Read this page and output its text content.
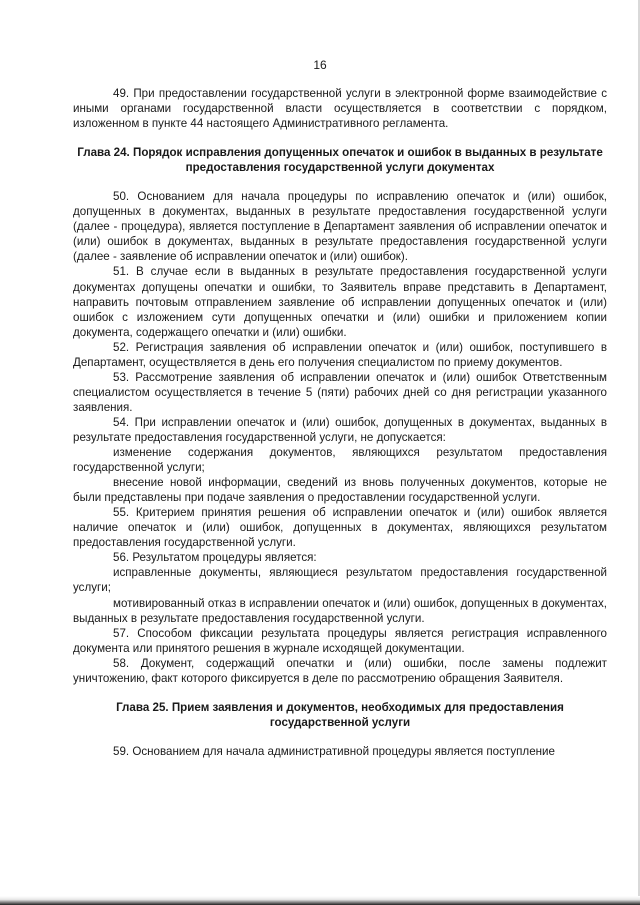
16

49. При предоставлении государственной услуги в электронной форме взаимодействие с иными органами государственной власти осуществляется в соответствии с порядком, изложенном в пункте 44 настоящего Административного регламента.

Глава 24. Порядок исправления допущенных опечаток и ошибок в выданных в результате предоставления государственной услуги документах

50. Основанием для начала процедуры по исправлению опечаток и (или) ошибок, допущенных в документах, выданных в результате предоставления государственной услуги (далее - процедура), является поступление в Департамент заявления об исправлении опечаток и (или) ошибок в документах, выданных в результате предоставления государственной услуги (далее - заявление об исправлении опечаток и (или) ошибок).

51. В случае если в выданных в результате предоставления государственной услуги документах допущены опечатки и ошибки, то Заявитель вправе представить в Департамент, направить почтовым отправлением заявление об исправлении допущенных опечаток и (или) ошибок с изложением сути допущенных опечатки и (или) ошибки и приложением копии документа, содержащего опечатки и (или) ошибки.

52. Регистрация заявления об исправлении опечаток и (или) ошибок, поступившего в Департамент, осуществляется в день его получения специалистом по приему документов.

53. Рассмотрение заявления об исправлении опечаток и (или) ошибок Ответственным специалистом осуществляется в течение 5 (пяти) рабочих дней со дня регистрации указанного заявления.

54. При исправлении опечаток и (или) ошибок, допущенных в документах, выданных в результате предоставления государственной услуги, не допускается:

изменение содержания документов, являющихся результатом предоставления государственной услуги;

внесение новой информации, сведений из вновь полученных документов, которые не были представлены при подаче заявления о предоставлении государственной услуги.

55. Критерием принятия решения об исправлении опечаток и (или) ошибок является наличие опечаток и (или) ошибок, допущенных в документах, являющихся результатом предоставления государственной услуги.

56. Результатом процедуры является:

исправленные документы, являющиеся результатом предоставления государственной услуги;

мотивированный отказ в исправлении опечаток и (или) ошибок, допущенных в документах, выданных в результате предоставления государственной услуги.

57. Способом фиксации результата процедуры является регистрация исправленного документа или принятого решения в журнале исходящей документации.

58. Документ, содержащий опечатки и (или) ошибки, после замены подлежит уничтожению, факт которого фиксируется в деле по рассмотрению обращения Заявителя.

Глава 25. Прием заявления и документов, необходимых для предоставления государственной услуги

59. Основанием для начала административной процедуры является поступление
